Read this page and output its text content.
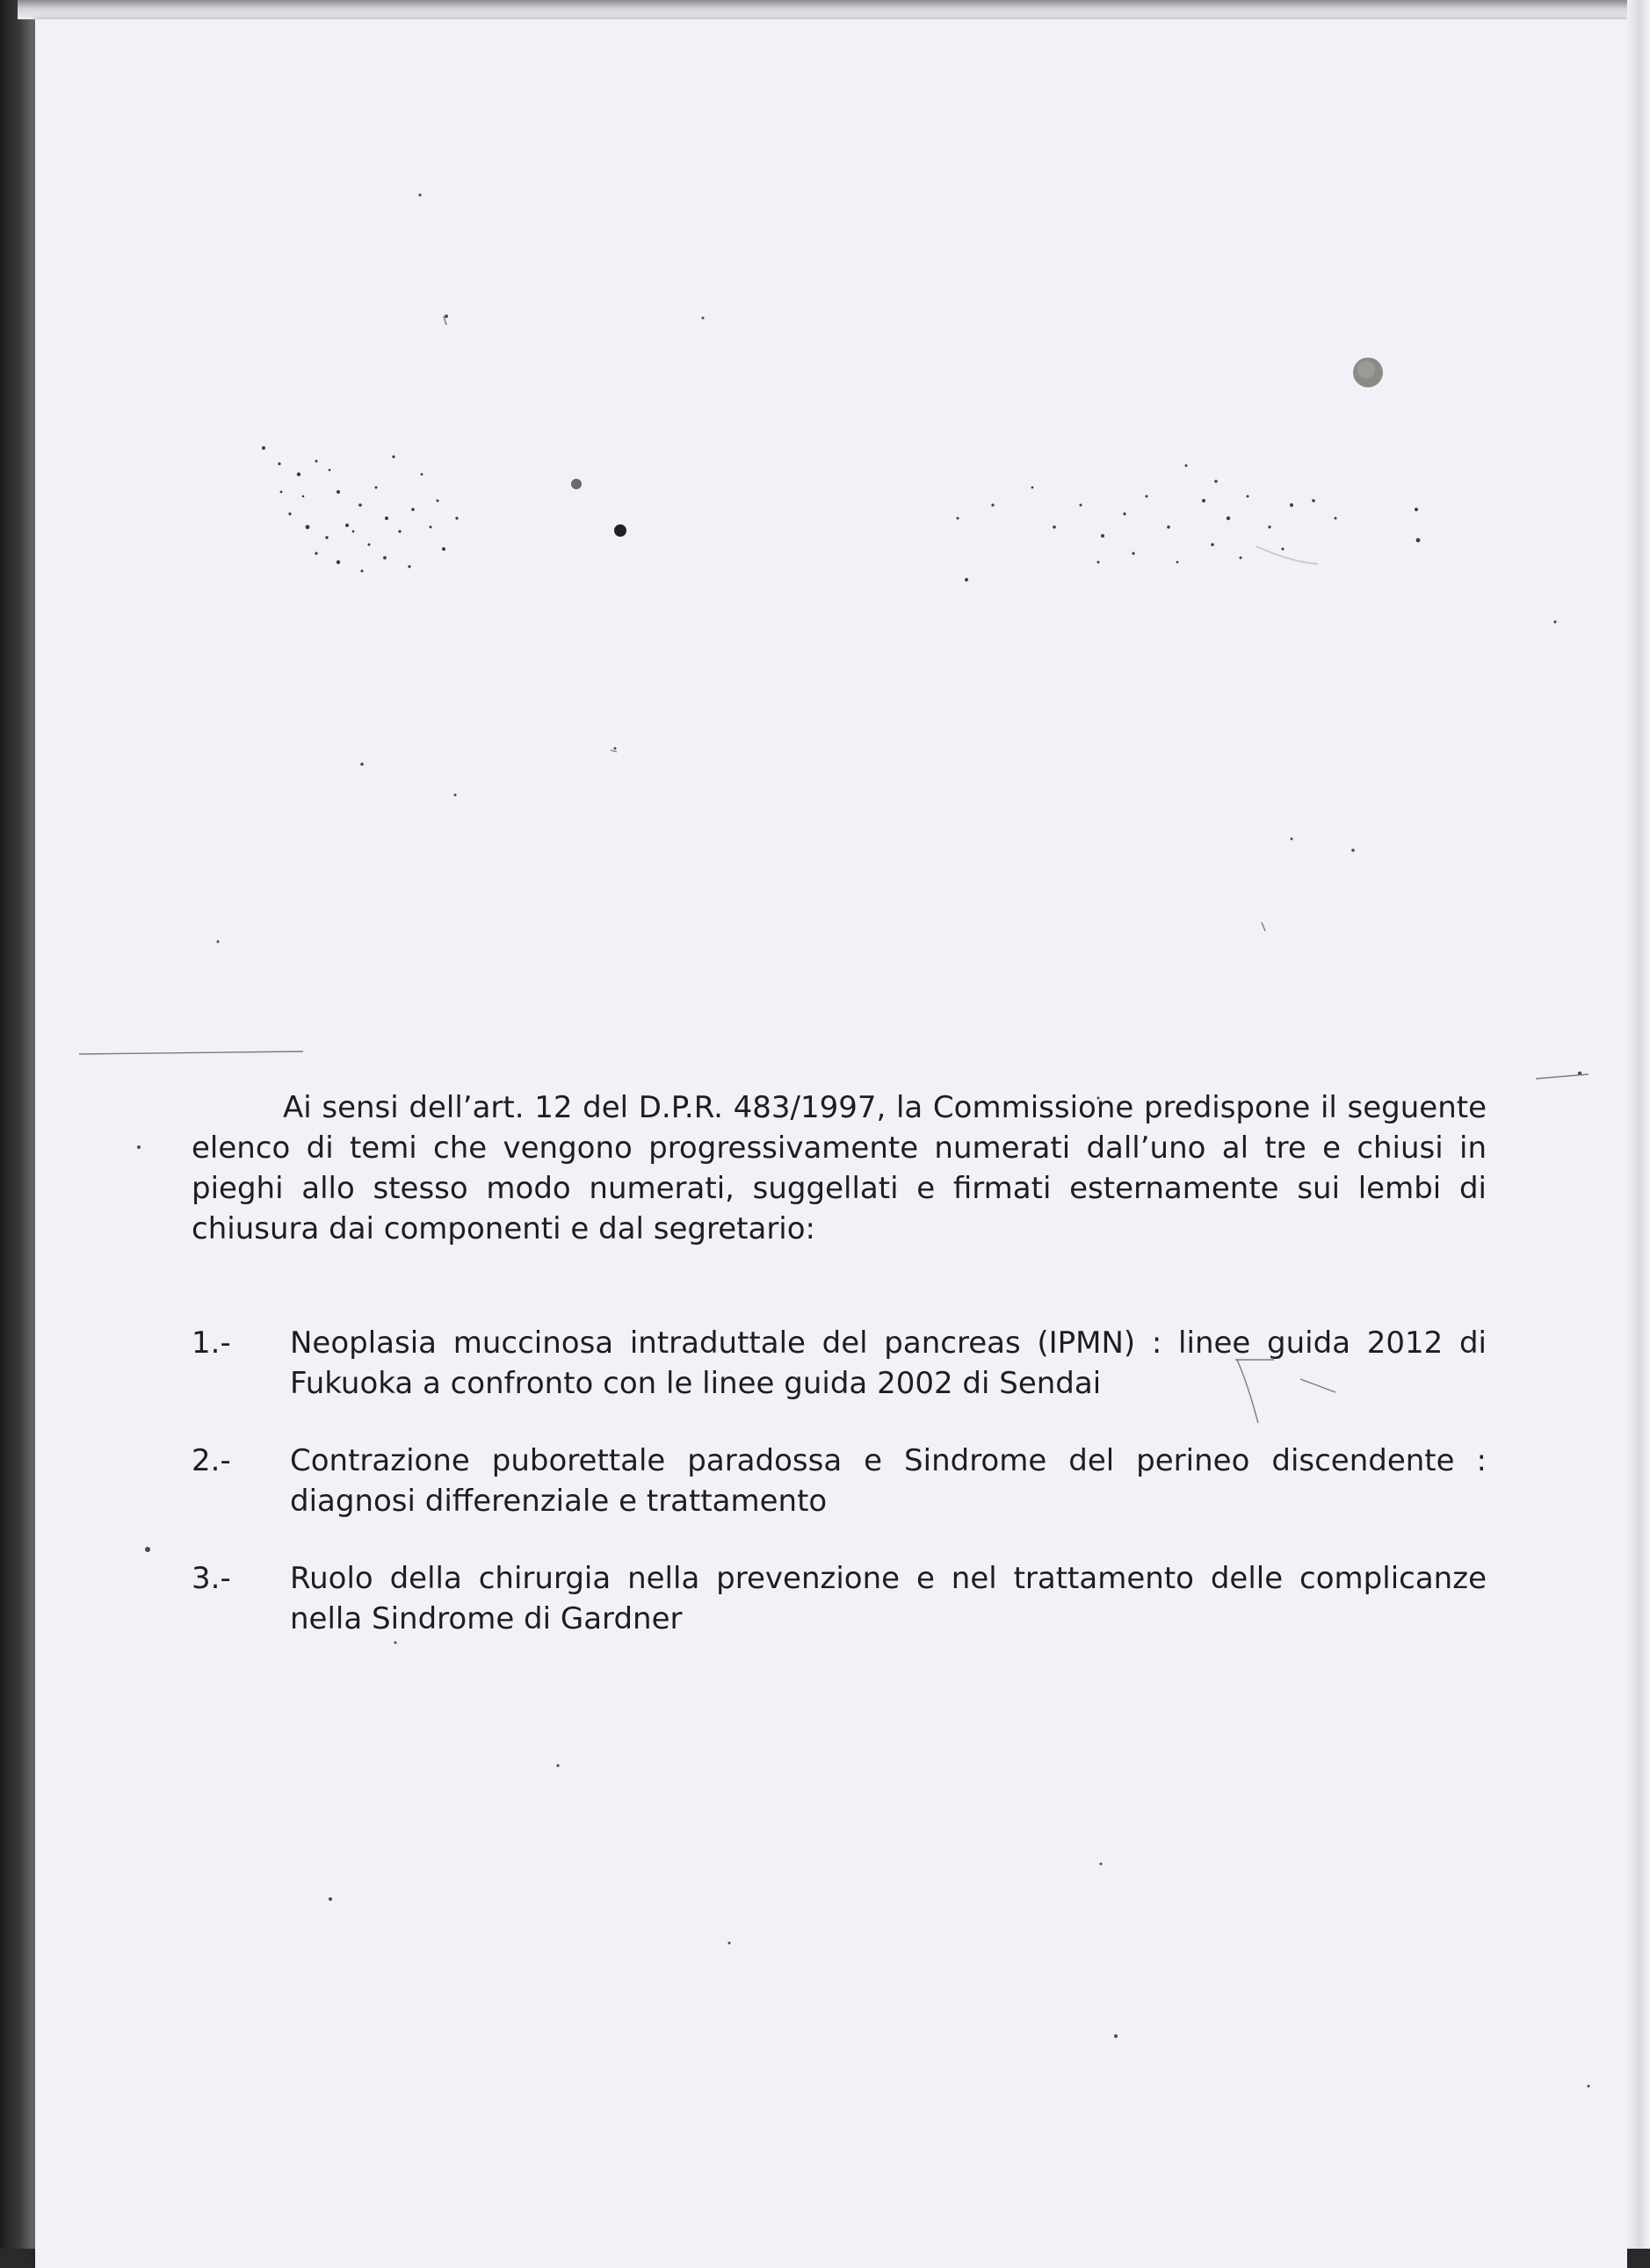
Ai sensi dell’art. 12 del D.P.R. 483/1997, la Commissione predispone il seguente elenco di temi che vengono progressivamente numerati dall’uno al tre e chiusi in pieghi allo stesso modo numerati, suggellati e firmati esternamente sui lembi di chiusura dai componenti e dal segretario:

1.-	Neoplasia muccinosa intraduttale del pancreas (IPMN) : linee guida 2012 di Fukuoka a confronto con le linee guida 2002 di Sendai
2.-	Contrazione puborettale paradossa e Sindrome del perineo discendente : diagnosi differenziale e trattamento
3.-	Ruolo della chirurgia nella prevenzione e nel trattamento delle complicanze nella Sindrome di Gardner
